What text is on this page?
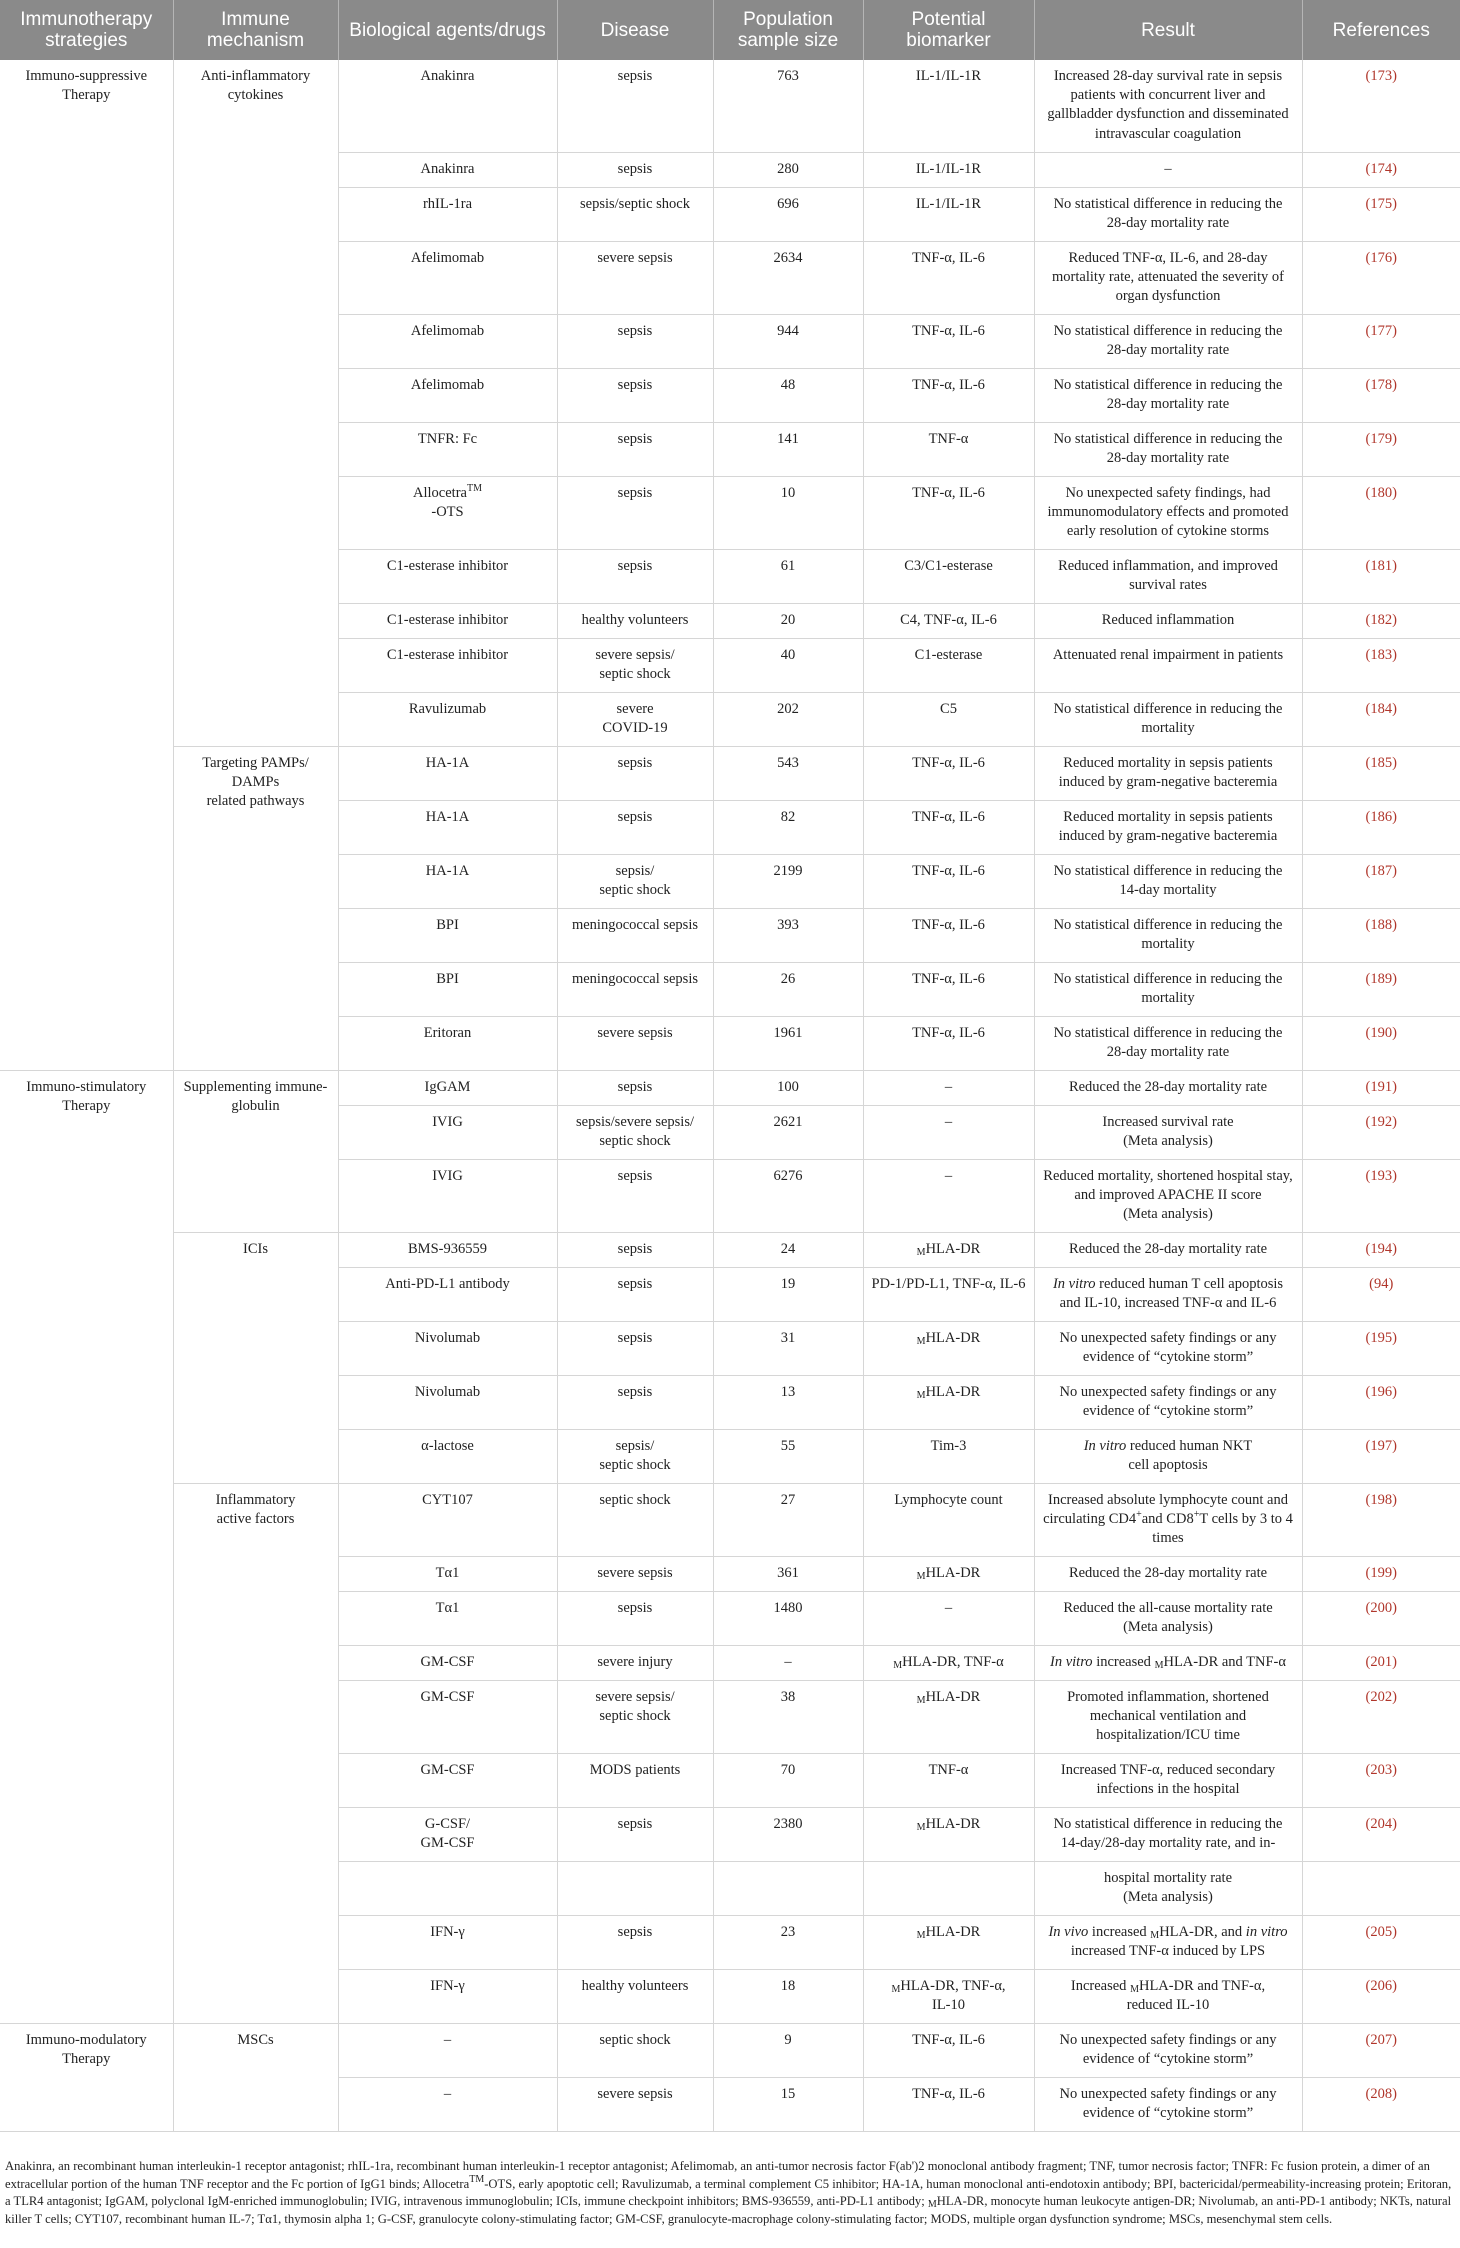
Immunotherapy strategies	Immune mechanism	Biological agents/drugs	Disease	Population sample size	Potential biomarker	Result	References
Immuno-suppressive Therapy	Anti-inflammatory cytokines	Anakinra	sepsis	763	IL-1/IL-1R	Increased 28-day survival rate in sepsis patients with concurrent liver and gallbladder dysfunction and disseminated intravascular coagulation	(173)
		Anakinra	sepsis	280	IL-1/IL-1R	–	(174)
		rhIL-1ra	sepsis/septic shock	696	IL-1/IL-1R	No statistical difference in reducing the 28-day mortality rate	(175)
		Afelimomab	severe sepsis	2634	TNF-α, IL-6	Reduced TNF-α, IL-6, and 28-day mortality rate, attenuated the severity of organ dysfunction	(176)
		Afelimomab	sepsis	944	TNF-α, IL-6	No statistical difference in reducing the 28-day mortality rate	(177)
		Afelimomab	sepsis	48	TNF-α, IL-6	No statistical difference in reducing the 28-day mortality rate	(178)
		TNFR: Fc	sepsis	141	TNF-α	No statistical difference in reducing the 28-day mortality rate	(179)
		Allocetra™
-OTS	sepsis	10	TNF-α, IL-6	No unexpected safety findings, had immunomodulatory effects and promoted early resolution of cytokine storms	(180)
		C1-esterase inhibitor	sepsis	61	C3/C1-esterase	Reduced inflammation, and improved survival rates	(181)
		C1-esterase inhibitor	healthy volunteers	20	C4, TNF-α, IL-6	Reduced inflammation	(182)
		C1-esterase inhibitor	severe sepsis/
septic shock	40	C1-esterase	Attenuated renal impairment in patients	(183)
		Ravulizumab	severe
COVID-19	202	C5	No statistical difference in reducing the mortality	(184)
	Targeting PAMPs/
DAMPs
related pathways	HA-1A	sepsis	543	TNF-α, IL-6	Reduced mortality in sepsis patients induced by gram-negative bacteremia	(185)
		HA-1A	sepsis	82	TNF-α, IL-6	Reduced mortality in sepsis patients induced by gram-negative bacteremia	(186)
		HA-1A	sepsis/
septic shock	2199	TNF-α, IL-6	No statistical difference in reducing the 14-day mortality	(187)
		BPI	meningococcal sepsis	393	TNF-α, IL-6	No statistical difference in reducing the mortality	(188)
		BPI	meningococcal sepsis	26	TNF-α, IL-6	No statistical difference in reducing the mortality	(189)
		Eritoran	severe sepsis	1961	TNF-α, IL-6	No statistical difference in reducing the 28-day mortality rate	(190)
Immuno-stimulatory Therapy	Supplementing immune-globulin	IgGAM	sepsis	100	–	Reduced the 28-day mortality rate	(191)
		IVIG	sepsis/severe sepsis/
septic shock	2621	–	Increased survival rate
(Meta analysis)	(192)
		IVIG	sepsis	6276	–	Reduced mortality, shortened hospital stay, and improved APACHE II score
(Meta analysis)	(193)
	ICIs	BMS-936559	sepsis	24	$_M$HLA-DR	Reduced the 28-day mortality rate	(194)
		Anti-PD-L1 antibody	sepsis	19	PD-1/PD-L1, TNF-α, IL-6	In vitro reduced human T cell apoptosis and IL-10, increased TNF-α and IL-6	(94)
		Nivolumab	sepsis	31	$_M$HLA-DR	No unexpected safety findings or any evidence of “cytokine storm”	(195)
		Nivolumab	sepsis	13	$_M$HLA-DR	No unexpected safety findings or any evidence of “cytokine storm”	(196)
		α-lactose	sepsis/
septic shock	55	Tim-3	In vitro reduced human NKT
cell apoptosis	(197)
	Inflammatory
active factors	CYT107	septic shock	27	Lymphocyte count	Increased absolute lymphocyte count and circulating CD4+and CD8+T cells by 3 to 4 times	(198)
		Tα1	severe sepsis	361	$_M$HLA-DR	Reduced the 28-day mortality rate	(199)
		Tα1	sepsis	1480	–	Reduced the all-cause mortality rate
(Meta analysis)	(200)
		GM-CSF	severe injury	–	$_M$HLA-DR, TNF-α	In vitro increased $_M$HLA-DR and TNF-α	(201)
		GM-CSF	severe sepsis/
septic shock	38	$_M$HLA-DR	Promoted inflammation, shortened mechanical ventilation and hospitalization/ICU time	(202)
		GM-CSF	MODS patients	70	TNF-α	Increased TNF-α, reduced secondary infections in the hospital	(203)
		G-CSF/
GM-CSF	sepsis	2380	$_M$HLA-DR	No statistical difference in reducing the 14-day/28-day mortality rate, and in-	(204)
						hospital mortality rate
(Meta analysis)	
		IFN-γ	sepsis	23	$_M$HLA-DR	In vivo increased $_M$HLA-DR, and in vitro increased TNF-α induced by LPS	(205)
		IFN-γ	healthy volunteers	18	$_M$HLA-DR, TNF-α,
IL-10	Increased $_M$HLA-DR and TNF-α,
reduced IL-10	(206)
Immuno-modulatory Therapy	MSCs	–	septic shock	9	TNF-α, IL-6	No unexpected safety findings or any evidence of “cytokine storm”	(207)
		–	severe sepsis	15	TNF-α, IL-6	No unexpected safety findings or any evidence of “cytokine storm”	(208)
Anakinra, an recombinant human interleukin-1 receptor antagonist; rhIL-1ra, recombinant human interleukin-1 receptor antagonist; Afelimomab, an anti-tumor necrosis factor F(ab')2 monoclonal antibody fragment; TNF, tumor necrosis factor; TNFR: Fc fusion protein, a dimer of an extracellular portion of the human TNF receptor and the Fc portion of IgG1 binds; Allocetra™-OTS, early apoptotic cell; Ravulizumab, a terminal complement C5 inhibitor; HA-1A, human monoclonal anti-endotoxin antibody; BPI, bactericidal/permeability-increasing protein; Eritoran, a TLR4 antagonist; IgGAM, polyclonal IgM-enriched immunoglobulin; IVIG, intravenous immunoglobulin; ICIs, immune checkpoint inhibitors; BMS-936559, anti-PD-L1 antibody; $_M$HLA-DR, monocyte human leukocyte antigen-DR; Nivolumab, an anti-PD-1 antibody; NKTs, natural killer T cells; CYT107, recombinant human IL-7; Tα1, thymosin alpha 1; G-CSF, granulocyte colony-stimulating factor; GM-CSF, granulocyte-macrophage colony-stimulating factor; MODS, multiple organ dysfunction syndrome; MSCs, mesenchymal stem cells.
